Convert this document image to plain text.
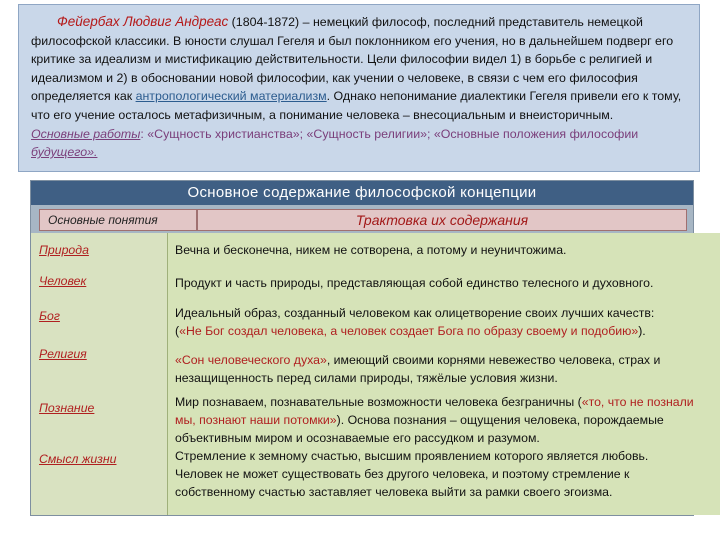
Фейербах Людвиг Андреас (1804-1872) – немецкий философ, последний представитель немецкой философской классики. В юности слушал Гегеля и был поклонником его учения, но в дальнейшем подверг его критике за идеализм и мистификацию действительности. Цели философии видел 1) в борьбе с религией и идеализмом и 2) в обосновании новой философии, как учении о человеке, в связи с чем его философия определяется как антропологический материализм. Однако непонимание диалектики Гегеля привели его к тому, что его учение осталось метафизичным, а понимание человека – внесоциальным и внеисторичным.
Основные работы: «Сущность христианства»; «Сущность религии»; «Основные положения философии
будущего».
Основное содержание философской концепции
Основные понятия	Трактовка их содержания
Природа	Вечна и бесконечна, никем не сотворена, а потому и неуничтожима.
Человек	Продукт и часть природы, представляющая собой единство телесного и духовного.
Бог	Идеальный образ, созданный человеком как олицетворение своих лучших качеств:
(«Не Бог создал человека, а человек создает Бога по образу своему и подобию»).
Религия	«Сон человеческого духа», имеющий своими корнями невежество человека, страх и незащищенность перед силами природы, тяжёлые условия жизни.
Познание	Мир познаваем, познавательные возможности человека безграничны («то, что не познали мы, познают наши потомки»). Основа познания – ощущения человека, порождаемые объективным миром и осознаваемые его рассудком и разумом.
Смысл жизни	Стремление к земному счастью, высшим проявлением которого является любовь. Человек не может существовать без другого человека, и поэтому стремление к собственному счастью заставляет человека выйти за рамки своего эгоизма.
